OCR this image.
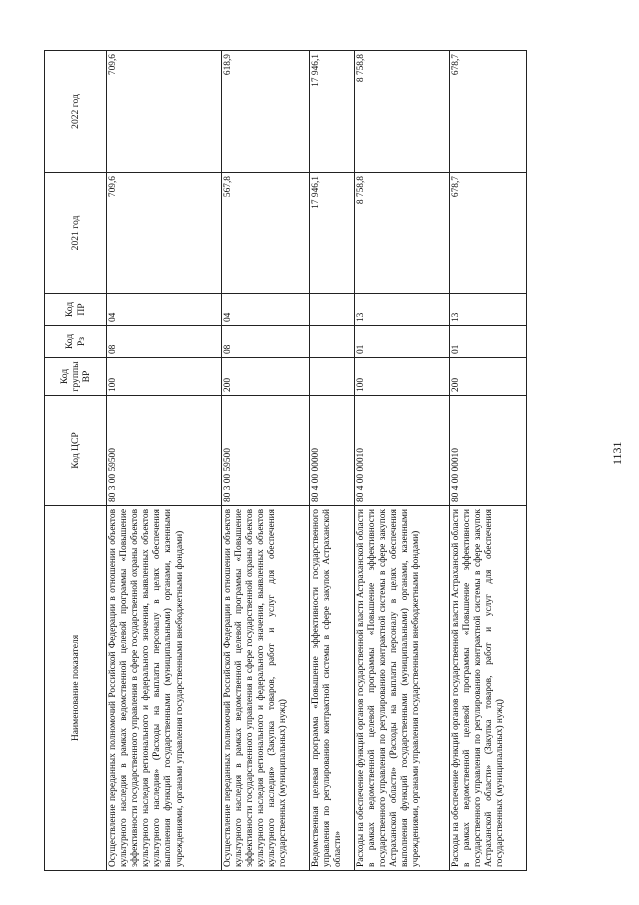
1131
Наименование показателя	Код ЦСР	Код группы ВР	Код Рз	Код ПР	2021 год	2022 год
Осуществление переданных полномочий Российской Федерации в отношении объектов культурного наследия в рамках ведомственной целевой программы «Повышение эффективности государственного управления в сфере государственной охраны объектов культурного наследия регионального и федерального значения, выявленных объектов культурного наследия» (Расходы на выплаты персоналу в целях обеспечения выполнения функций государственными (муниципальными) органами, казенными учреждениями, органами управления государственными внебюджетными фондами)	80 3 00 59500	100	08	04	709,6	709,6
Осуществление переданных полномочий Российской Федерации в отношении объектов культурного наследия в рамках ведомственной целевой программы «Повышение эффективности государственного управления в сфере государственной охраны объектов культурного наследия регионального и федерального значения, выявленных объектов культурного наследия» (Закупка товаров, работ и услуг для обеспечения государственных (муниципальных) нужд)	80 3 00 59500	200	08	04	567,8	618,9
Ведомственная целевая программа «Повышение эффективности государственного управления по регулированию контрактной системы в сфере закупок Астраханской области»	80 4 00 00000				17 946,1	17 946,1
Расходы на обеспечение функций органов государственной власти Астраханской области в рамках ведомственной целевой программы «Повышение эффективности государственного управления по регулированию контрактной системы в сфере закупок Астраханской области» (Расходы на выплаты персоналу в целях обеспечения выполнения функций государственными (муниципальными) органами, казенными учреждениями, органами управления государственными внебюджетными фондами)	80 4 00 00010	100	01	13	8 758,8	8 758,8
Расходы на обеспечение функций органов государственной власти Астраханской области в рамках ведомственной целевой программы «Повышение эффективности государственного управления по регулированию контрактной системы в сфере закупок Астраханской области» (Закупка товаров, работ и услуг для обеспечения государственных (муниципальных) нужд)	80 4 00 00010	200	01	13	678,7	678,7
